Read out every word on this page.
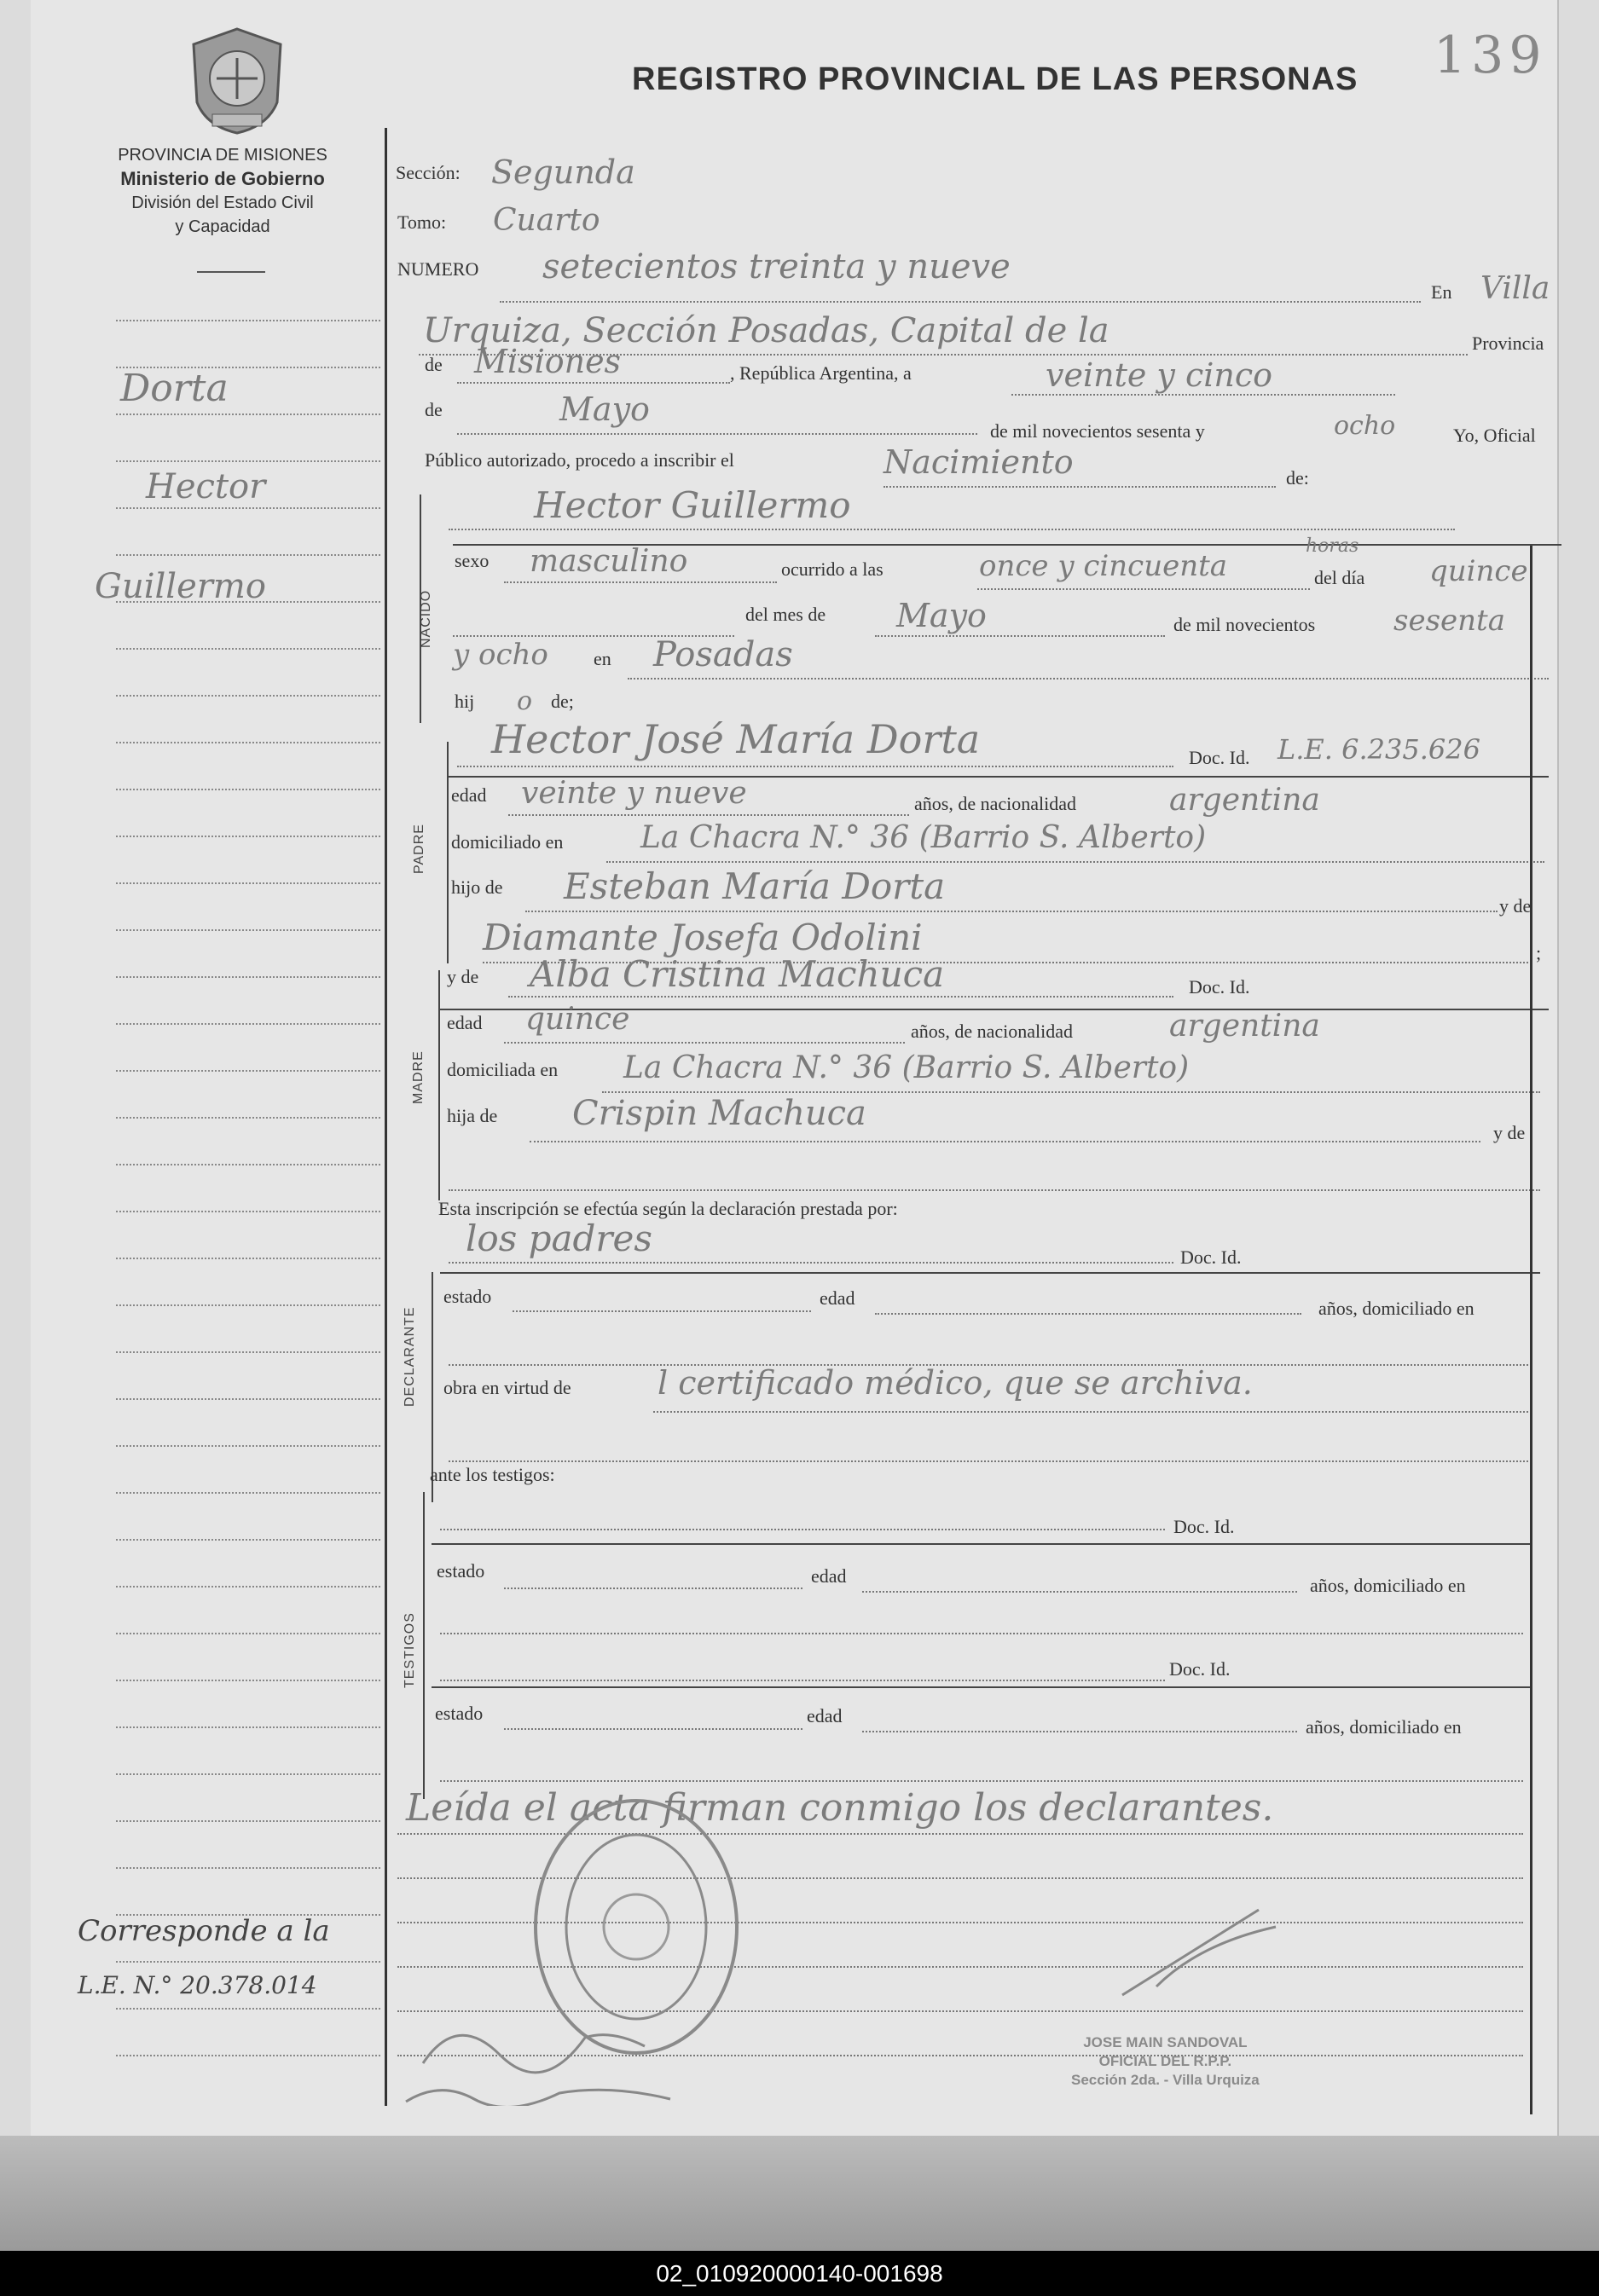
PROVINCIA DE MISIONES
Ministerio de Gobierno
División del Estado Civil
y Capacidad
Dorta
Hector
Guillermo
Corresponde a la
L.E. N.° 20.378.014
139
REGISTRO PROVINCIAL DE LAS PERSONAS
Sección: Segunda
Tomo: Cuarto
NUMERO setecientos treinta y nueve
En Villa
Urquiza, Sección Posadas, Capital de la	Provincia
de Misiones	, República Argentina, a	veinte y cinco
de	Mayo
de mil novecientos sesenta y	ocho	Yo, Oficial
Público autorizado, procedo a inscribir el	Nacimiento	de:
NACIDO
Hector Guillermo
sexo masculino	ocurrido a las	once y cincuenta
horas
del día quince
del mes de Mayo	de mil novecientos	sesenta
y ocho en Posadas
hij o de;
PADRE
Hector José María Dorta	Doc. Id. L.E. 6.235.626
edad veinte y nueve	años, de nacionalidad	argentina
domiciliado en	La Chacra N.° 36 (Barrio S. Alberto)
hijo de Esteban María Dorta	y de
Diamante Josefa Odolini	;
MADRE
y de Alba Cristina Machuca	Doc. Id.
edad quince	años, de nacionalidad	argentina
domiciliada en La Chacra N.° 36 (Barrio S. Alberto)
hija de Crispin Machuca	y de
Esta inscripción se efectúa según la declaración prestada por:
los padres	Doc. Id.
DECLARANTE
estado	edad	años, domiciliado en
obra en virtud de	l certificado médico, que se archiva.
ante los testigos:
TESTIGOS
Doc. Id.
estado	edad	años, domiciliado en
Doc. Id.
estado	edad
años, domiciliado en
Leída el acta firman conmigo los declarantes.
JOSE MAIN SANDOVAL
OFICIAL DEL R.P.P.
Sección 2da. - Villa Urquiza
02_010920000140-001698
